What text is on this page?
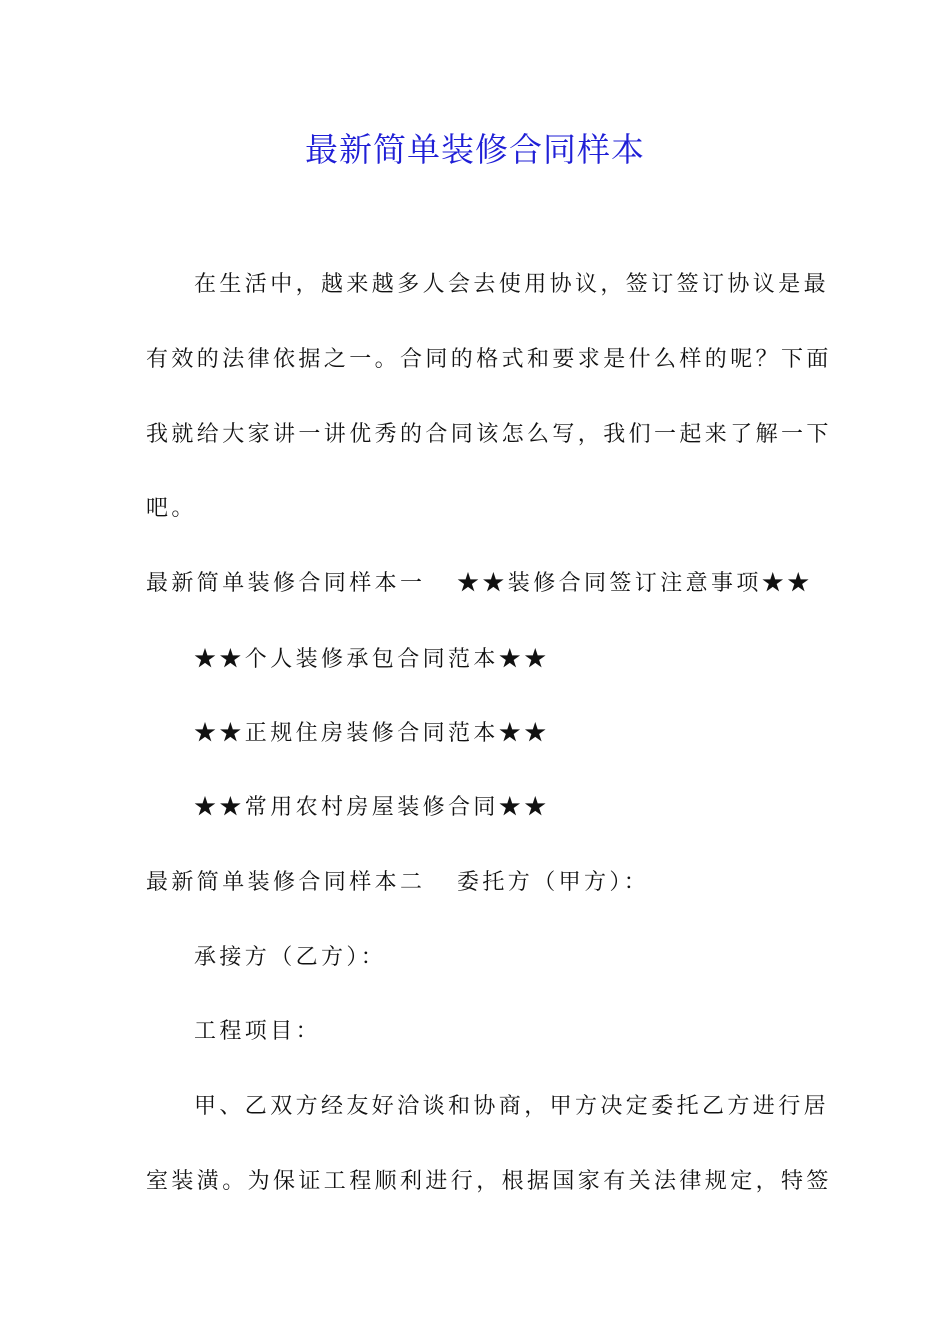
最新简单装修合同样本
在生活中，越来越多人会去使用协议，签订签订协议是最
有效的法律依据之一。合同的格式和要求是什么样的呢？下面
我就给大家讲一讲优秀的合同该怎么写，我们一起来了解一下
吧。
最新简单装修合同样本一 ★★装修合同签订注意事项★★
★★个人装修承包合同范本★★
★★正规住房装修合同范本★★
★★常用农村房屋装修合同★★
最新简单装修合同样本二 委托方（甲方）：
承接方（乙方）：
工程项目：
甲、乙双方经友好洽谈和协商，甲方决定委托乙方进行居
室装潢。为保证工程顺利进行，根据国家有关法律规定，特签
